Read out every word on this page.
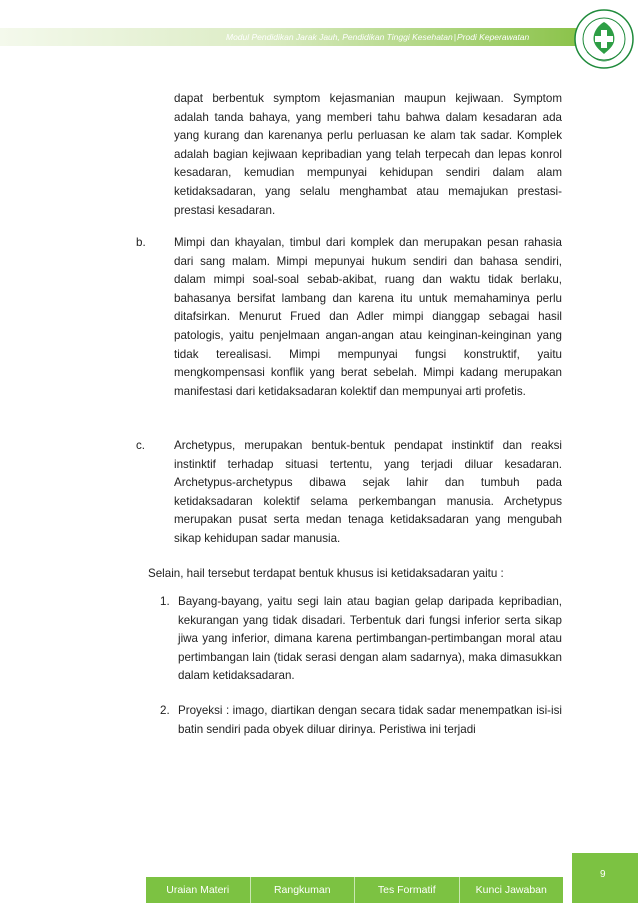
Modul Pendidikan Jarak Jauh, Pendidikan Tinggi Kesehatan|Prodi Keperawatan
dapat berbentuk symptom kejasmanian maupun kejiwaan. Symptom adalah tanda bahaya, yang memberi tahu bahwa dalam kesadaran ada yang kurang dan karenanya perlu perluasan ke alam tak sadar. Komplek adalah bagian kejiwaan kepribadian yang telah terpecah dan lepas konrol kesadaran, kemudian mempunyai kehidupan sendiri dalam alam ketidaksadaran, yang selalu menghambat atau memajukan prestasi-prestasi kesadaran.
b. Mimpi dan khayalan, timbul dari komplek dan merupakan pesan rahasia dari sang malam. Mimpi mepunyai hukum sendiri dan bahasa sendiri, dalam mimpi soal-soal sebab-akibat, ruang dan waktu tidak berlaku, bahasanya bersifat lambang dan karena itu untuk memahaminya perlu ditafsirkan. Menurut Frued dan Adler mimpi dianggap sebagai hasil patologis, yaitu penjelmaan angan-angan atau keinginan-keinginan yang tidak terealisasi. Mimpi mempunyai fungsi konstruktif, yaitu mengkompensasi konflik yang berat sebelah. Mimpi kadang merupakan manifestasi dari ketidaksadaran kolektif dan mempunyai arti profetis.
c. Archetypus, merupakan bentuk-bentuk pendapat instinktif dan reaksi instinktif terhadap situasi tertentu, yang terjadi diluar kesadaran. Archetypus-archetypus dibawa sejak lahir dan tumbuh pada ketidaksadaran kolektif selama perkembangan manusia. Archetypus merupakan pusat serta medan tenaga ketidaksadaran yang mengubah sikap kehidupan sadar manusia.
Selain, hail tersebut terdapat bentuk khusus isi ketidaksadaran yaitu :
1. Bayang-bayang, yaitu segi lain atau bagian gelap daripada kepribadian, kekurangan yang tidak disadari. Terbentuk dari fungsi inferior serta sikap jiwa yang inferior, dimana karena pertimbangan-pertimbangan moral atau pertimbangan lain (tidak serasi dengan alam sadarnya), maka dimasukkan dalam ketidaksadaran.
2. Proyeksi : imago, diartikan dengan secara tidak sadar menempatkan isi-isi batin sendiri pada obyek diluar dirinya. Peristiwa ini terjadi
9
Uraian Materi	Rangkuman	Tes Formatif	Kunci Jawaban
